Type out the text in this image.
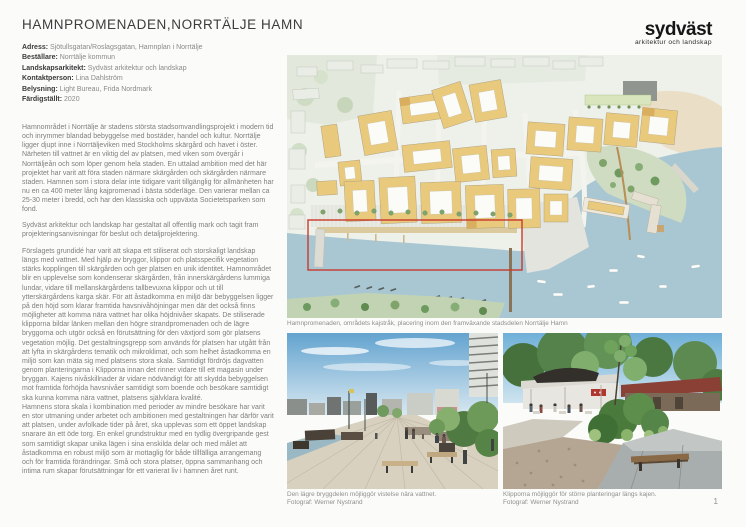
HAMNPROMENADEN,NORRTÄLJE HAMN
Adress: Sjötullsgatan/Roslagsgatan, Hamnplan i Norrtälje
Beställare: Norrtälje kommun
Landskapsarkitekt: Sydväst arkitektur och landskap
Kontaktperson: Lina Dahlström
Belysning: Light Bureau, Frida Nordmark
Färdigställt: 2020

Hamnområdet i Norrtälje är stadens största stadsomvandlingsprojekt i modern tid och inrymmer blandad bebyggelse med bostäder, handel och kultur. Norrtälje ligger djupt inne i Norrtäljeviken med Stockholms skärgård och havet i öster. Närheten till vattnet är en viktig del av platsen, med viken som övergår i Norrtäljeån och som löper genom hela staden. En uttalad ambition med det här projektet har varit att föra staden närmare skärgården och skärgården närmare staden. Hamnen som i stora delar inte tidigare varit tillgänglig för allmänheten har nu en ca 400 meter lång kajpromenad i bästa söderläge. Den varierar mellan ca 25-30 meter i bredd, och har den klassiska och uppväxta Societetsparken som fond.

Sydväst arkitektur och landskap har gestaltat all offentlig mark och tagit fram projekteringsanvisningar för beslut och detaljprojektering.

Förslagets grundidé har varit att skapa ett stiliserat och storskaligt landskap längs med vattnet. Med hjälp av bryggor, klippor och platsspecifik vegetation stärks kopplingen till skärgården och ger platsen en unik identitet. Hamnområdet blir en upplevelse som kondenserar skärgården, från innerskärgårdens lummiga lundar, vidare till mellanskärgårdens tallbevuxna klippor och ut till ytterskärgårdens karga skär. För att åstadkomma en miljö där bebyggelsen ligger på den höjd som klarar framtida havsnivåhöjningar men där det också finns möjligheter att komma nära vattnet har olika höjdnivåer skapats. De stiliserade klipporna bildar länken mellan den högre strandpromenaden och de lägre bryggorna och utgör också en förutsättning för den växtjord som gör platsens vegetation möjlig. Det gestaltningsgrepp som används för platsen har utgått från att lyfta in skärgårdens tematik och mikroklimat, och som helhet åstadkomma en miljö som kan mäta sig med platsens stora skala. Samtidigt fördröjs dagvatten genom planteringarna i Klipporna innan det rinner vidare till ett magasin under bryggan. Kajens nivåskillnader är vidare nödvändigt för att skydda bebyggelsen mot framtida förhöjda havsnivåer samtidigt som boende och besökare samtidigt ska kunna komma nära vattnet, platsens självklara kvalité.

Hamnens stora skala i kombination med perioder av mindre besökare har varit en stor utmaning under arbetet och ambitionen med gestaltningen har därför varit att platsen, under avfolkade tider på året, ska upplevas som ett öppet landskap snarare än ett öde torg. En enkel grundstruktur med en tydlig övergripande gest som samtidigt skapar unika lägen i sina enskilda delar och med målet att åstadkomma en robust miljö som är mottaglig för både tillfälliga arrangemang och för framtida förändringar. Små och stora platser, öppna sammanhang och intima rum skapar förutsättningar för ett varierat liv i hamnen året runt.

sydväst
arkitektur och landskap
Hamnpromenaden, områdets kajstråk, placering inom den framväxande stadsdelen Norrtälje Hamn
Den lägre bryggdelen möjliggör vistelse nära vattnet.
Fotograf: Werner Nystrand
Klipporna möjliggör för större planteringar längs kajen.
Fotograf: Werner Nystrand	1
